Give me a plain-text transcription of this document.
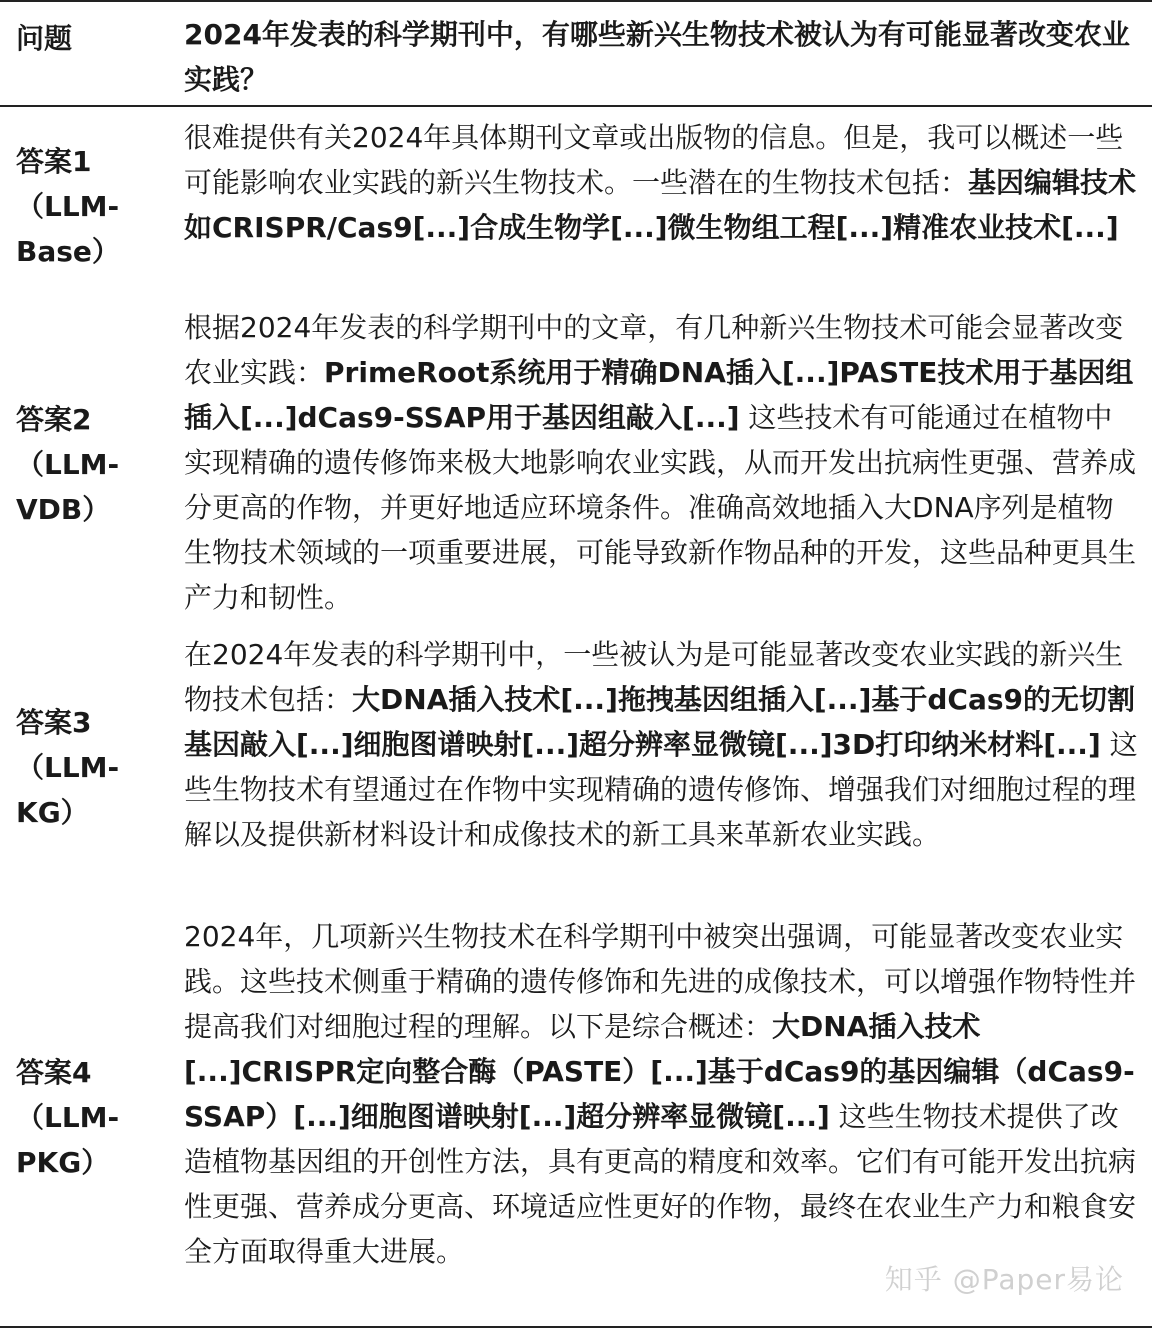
问题	2024年发表的科学期刊中，有哪些新兴生物技术被认为有可能显著改变农业实践？
答案1
（LLM-
Base）
很难提供有关2024年具体期刊文章或出版物的信息。但是，我可以概述一些可能影响农业实践的新兴生物技术。一些潜在的生物技术包括：基因编辑技术如CRISPR/Cas9[...]合成生物学[...]微生物组工程[...]精准农业技术[...]
答案2
（LLM-
VDB）
根据2024年发表的科学期刊中的文章，有几种新兴生物技术可能会显著改变农业实践：PrimeRoot系统用于精确DNA插入[...]PASTE技术用于基因组插入[...]dCas9-SSAP用于基因组敲入[...] 这些技术有可能通过在植物中实现精确的遗传修饰来极大地影响农业实践，从而开发出抗病性更强、营养成分更高的作物，并更好地适应环境条件。准确高效地插入大DNA序列是植物生物技术领域的一项重要进展，可能导致新作物品种的开发，这些品种更具生产力和韧性。
答案3
（LLM-
KG）
在2024年发表的科学期刊中，一些被认为是可能显著改变农业实践的新兴生物技术包括：大DNA插入技术[...]拖拽基因组插入[...]基于dCas9的无切割基因敲入[...]细胞图谱映射[...]超分辨率显微镜[...]3D打印纳米材料[...] 这些生物技术有望通过在作物中实现精确的遗传修饰、增强我们对细胞过程的理解以及提供新材料设计和成像技术的新工具来革新农业实践。
答案4
（LLM-
PKG）
2024年，几项新兴生物技术在科学期刊中被突出强调，可能显著改变农业实践。这些技术侧重于精确的遗传修饰和先进的成像技术，可以增强作物特性并提高我们对细胞过程的理解。以下是综合概述：大DNA插入技术[...]CRISPR定向整合酶（PASTE）[...]基于dCas9的基因编辑（dCas9-SSAP）[...]细胞图谱映射[...]超分辨率显微镜[...] 这些生物技术提供了改造植物基因组的开创性方法，具有更高的精度和效率。它们有可能开发出抗病性更强、营养成分更高、环境适应性更好的作物，最终在农业生产力和粮食安全方面取得重大进展。
知乎 @Paper易论
